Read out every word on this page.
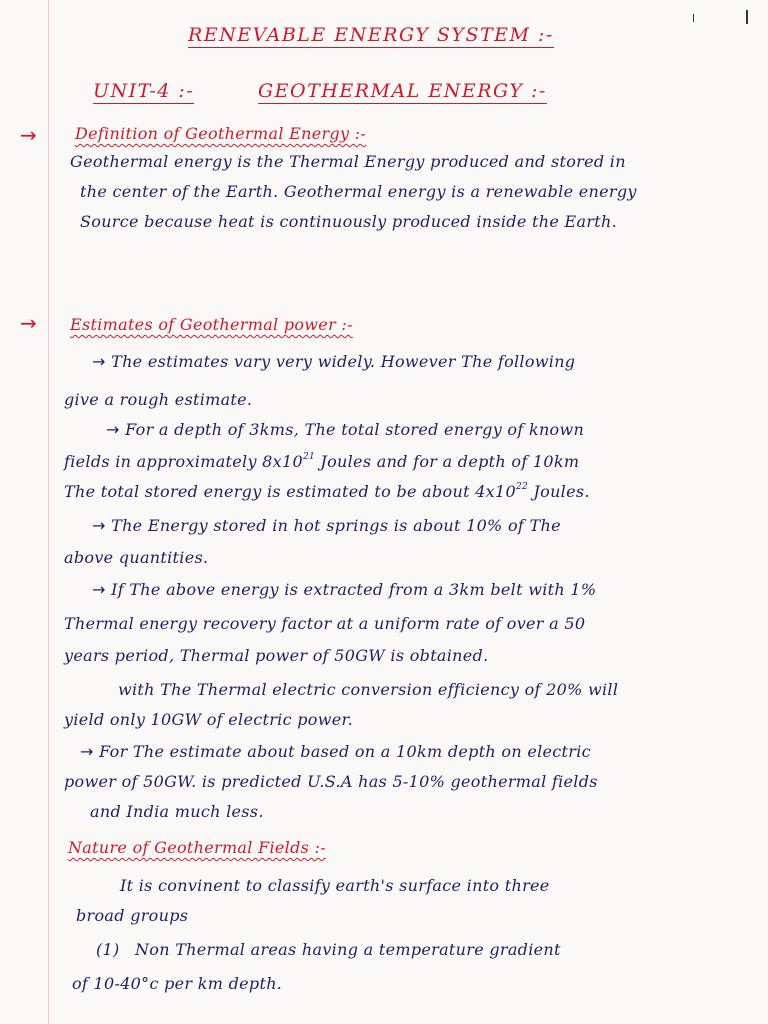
RENEVABLE ENERGY SYSTEM :-
UNIT-4 :-	GEOTHERMAL ENERGY :-
→ Definition of Geothermal Energy :-
Geothermal energy is the Thermal Energy produced and stored in
the center of the Earth. Geothermal energy is a renewable energy
Source because heat is continuously produced inside the Earth.
→ Estimates of Geothermal power :-
→ The estimates vary very widely. However The following
give a rough estimate.
→ For a depth of 3kms, The total stored energy of known
fields in approximately $8x10^{21}$ Joules and for a depth of 10km
The total stored energy is estimated to be about $4x10^{22}$ Joules.
→ The Energy stored in hot springs is about 10% of The
above quantities.
→ If The above energy is extracted from a 3km belt with 1%
Thermal energy recovery factor at a uniform rate of over a 50
years period, Thermal power of 50GW is obtained.
with The Thermal electric conversion efficiency of 20% will
yield only 10GW of electric power.
→ For The estimate about based on a 10km depth on electric
power of 50GW. is predicted U.S.A has 5-10% geothermal fields
and India much less.
Nature of Geothermal Fields :-
It is convinent to classify earth's surface into three
broad groups
(1) Non Thermal areas having a temperature gradient
of 10-40°c per km depth.
